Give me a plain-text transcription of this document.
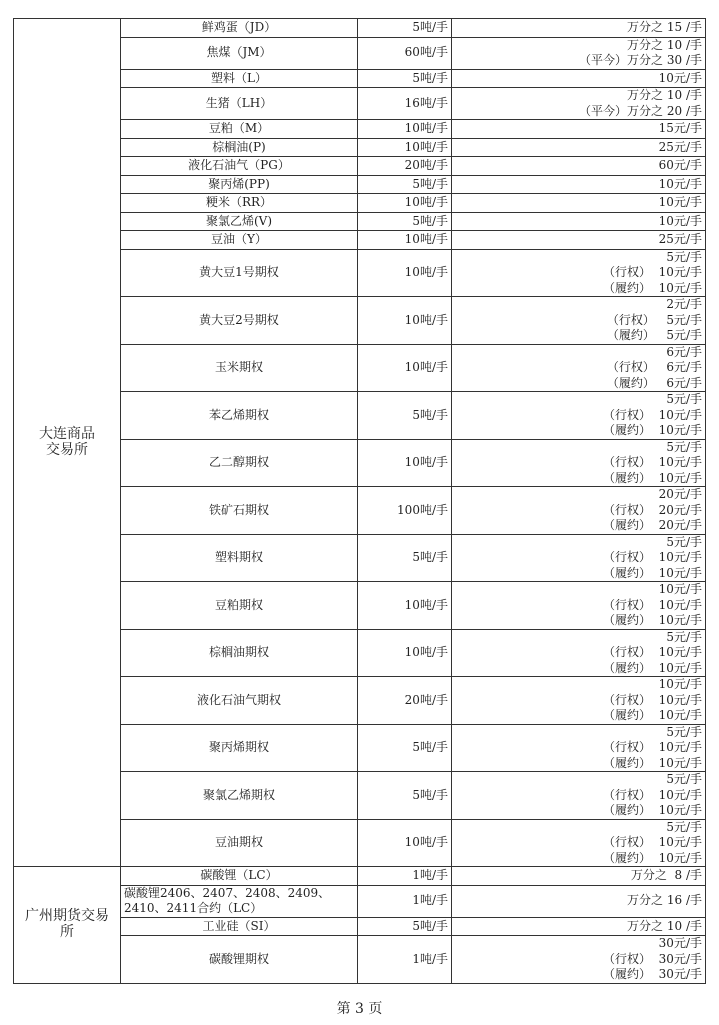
大连商品
交易所	鲜鸡蛋（JD）	5吨/手	万分之 15 /手

	焦煤（JM）	60吨/手	万分之 10 /手
（平今）万分之 30 /手

	塑料（L）	5吨/手	10元/手

	生猪（LH）	16吨/手	万分之 10 /手
（平今）万分之 20 /手

	豆粕（M）	10吨/手	15元/手

	棕榈油(P)	10吨/手	25元/手

	液化石油气（PG）	20吨/手	60元/手

	聚丙烯(PP)	5吨/手	10元/手

	粳米（RR）	10吨/手	10元/手

	聚氯乙烯(V)	5吨/手	10元/手

	豆油（Y）	10吨/手	25元/手

	黄大豆1号期权	10吨/手	5元/手
（行权）  10元/手
（履约）  10元/手

	黄大豆2号期权	10吨/手	2元/手
（行权）   5元/手
（履约）   5元/手

	玉米期权	10吨/手	6元/手
（行权）   6元/手
（履约）   6元/手

	苯乙烯期权	5吨/手	5元/手
（行权）  10元/手
（履约）  10元/手

	乙二醇期权	10吨/手	5元/手
（行权）  10元/手
（履约）  10元/手

	铁矿石期权	100吨/手	20元/手
（行权）  20元/手
（履约）  20元/手

	塑料期权	5吨/手	5元/手
（行权）  10元/手
（履约）  10元/手

	豆粕期权	10吨/手	10元/手
（行权）  10元/手
（履约）  10元/手

	棕榈油期权	10吨/手	5元/手
（行权）  10元/手
（履约）  10元/手

	液化石油气期权	20吨/手	10元/手
（行权）  10元/手
（履约）  10元/手

	聚丙烯期权	5吨/手	5元/手
（行权）  10元/手
（履约）  10元/手

	聚氯乙烯期权	5吨/手	5元/手
（行权）  10元/手
（履约）  10元/手

	豆油期权	10吨/手	5元/手
（行权）  10元/手
（履约）  10元/手

广州期货交易
所	碳酸锂（LC）	1吨/手	万分之  8 /手

	碳酸锂2406、2407、2408、2409、2410、2411合约（LC）	1吨/手	万分之 16 /手

	工业硅（SI）	5吨/手	万分之 10 /手

	碳酸锂期权	1吨/手	30元/手
（行权）  30元/手
（履约）  30元/手
第 3 页
